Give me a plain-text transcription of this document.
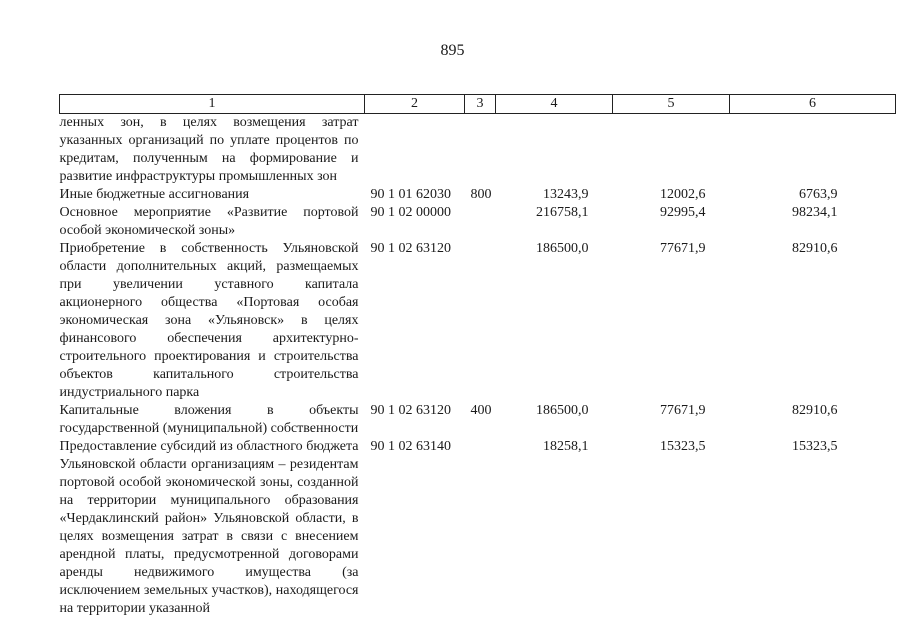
895
1	2	3	4	5	6
ленных зон, в целях возмещения затрат указанных организаций по уплате процентов по кредитам, полученным на формирование и развитие инфраструктуры промышленных зон					
Иные бюджетные ассигнования	90 1 01 62030	800	13243,9	12002,6	6763,9
Основное мероприятие «Развитие портовой особой экономической зоны»	90 1 02 00000		216758,1	92995,4	98234,1
Приобретение в собственность Ульяновской области дополнительных акций, размещаемых при увеличении уставного капитала акционерного общества «Портовая особая экономическая зона «Ульяновск» в целях финансового обеспечения архитектурно-строительного проектирования и строительства объектов капитального строительства индустриального парка	90 1 02 63120		186500,0	77671,9	82910,6
Капитальные вложения в объекты государственной (муниципальной) собственности	90 1 02 63120	400	186500,0	77671,9	82910,6
Предоставление субсидий из областного бюджета Ульяновской области организациям – резидентам портовой особой экономической зоны, созданной на территории муниципального образования «Чердаклинский район» Ульяновской области, в целях возмещения затрат в связи с внесением арендной платы, предусмотренной договорами аренды недвижимого имущества (за исключением земельных участков), находящегося на территории указанной	90 1 02 63140		18258,1	15323,5	15323,5
